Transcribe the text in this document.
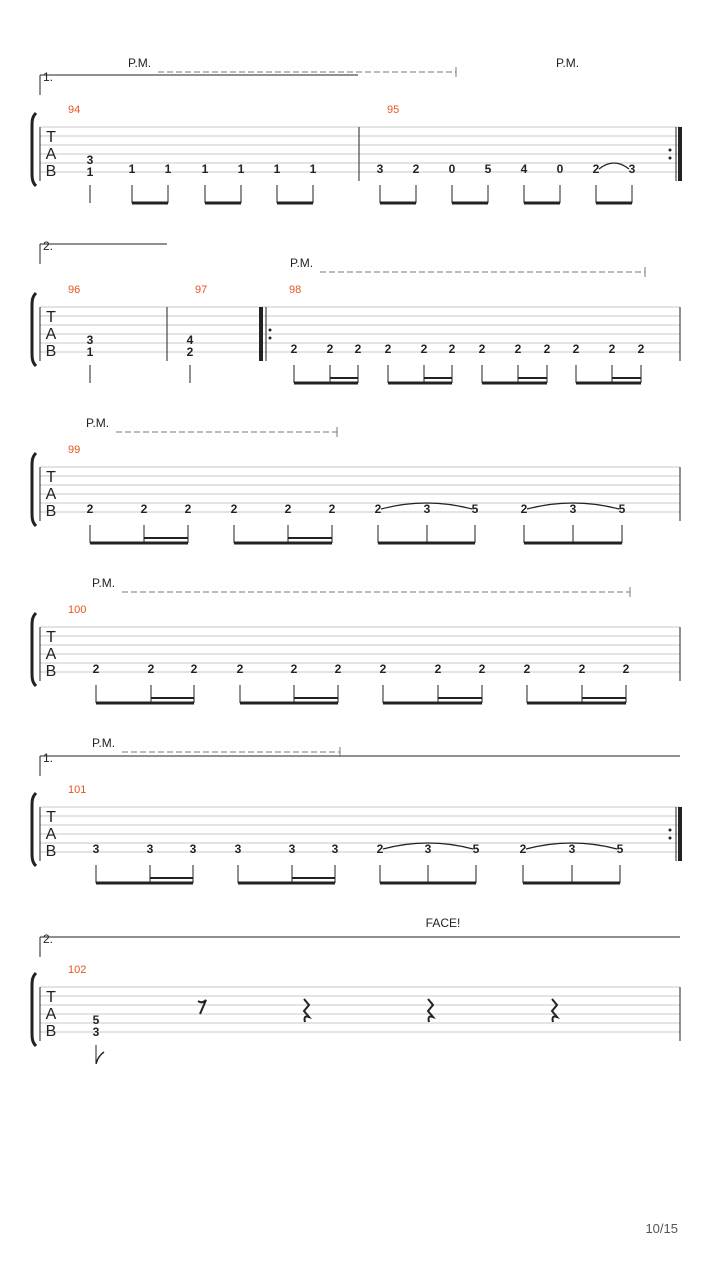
1.
P.M.	P.M.
T
A
B
94
1
3
1 1	1 1 1 1
95
3 2 0 5 4 0 2 3
2.
P.M.
T
A
B
96
1
3
97
2
4
98
2 2 2 2 2 2 2 2 2 2 2 2
P.M.
T
A
B
99
2	2	2	2	2	2	2	3	5	2	3	5
P.M.
T
A
B
100
2	2	2	2	2	2	2	2	2	2	2	2
1.
P.M.
T
A
B
101
3	3	3	3	3	3	2	3	5	2	3	5
2.
FACE!
T
A
B
102
3
5
10/15
